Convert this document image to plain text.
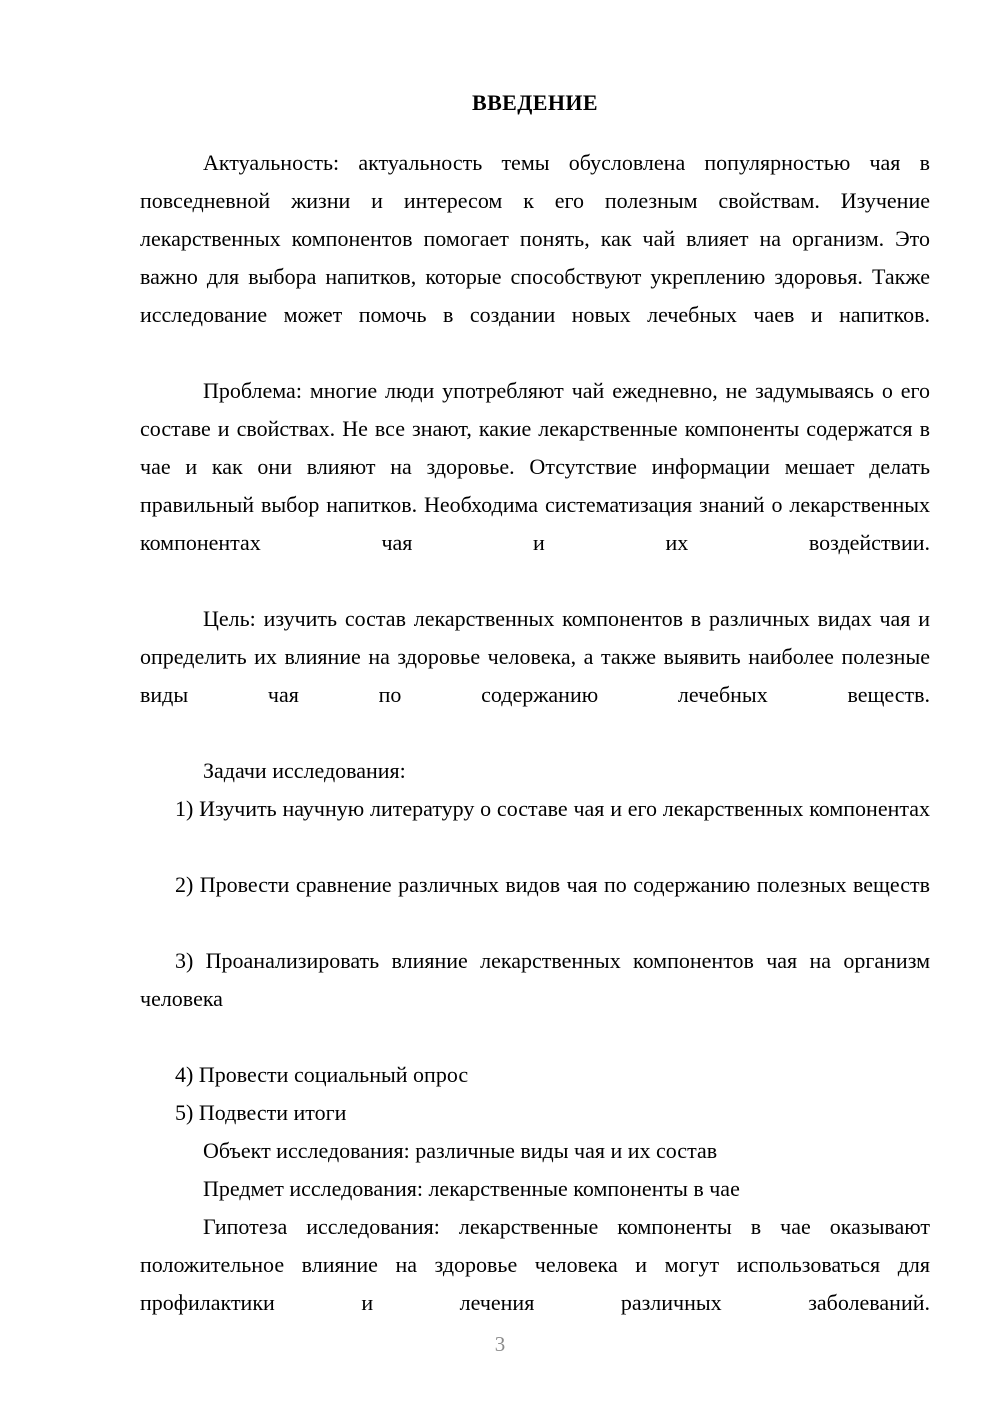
ВВЕДЕНИЕ

Актуальность: актуальность темы обусловлена популярностью чая в повседневной жизни и интересом к его полезным свойствам. Изучение лекарственных компонентов помогает понять, как чай влияет на организм. Это важно для выбора напитков, которые способствуют укреплению здоровья. Также исследование может помочь в создании новых лечебных чаев и напитков.

Проблема: многие люди употребляют чай ежедневно, не задумываясь о его составе и свойствах. Не все знают, какие лекарственные компоненты содержатся в чае и как они влияют на здоровье. Отсутствие информации мешает делать правильный выбор напитков. Необходима систематизация знаний о лекарственных компонентах чая и их воздействии.

Цель: изучить состав лекарственных компонентов в различных видах чая и определить их влияние на здоровье человека, а также выявить наиболее полезные виды чая по содержанию лечебных веществ.

Задачи исследования:

1) Изучить научную литературу о составе чая и его лекарственных компонентах

2) Провести сравнение различных видов чая по содержанию полезных веществ

3) Проанализировать влияние лекарственных компонентов чая на организм человека

4) Провести социальный опрос

5) Подвести итоги

Объект исследования: различные виды чая и их состав

Предмет исследования: лекарственные компоненты в чае

Гипотеза исследования: лекарственные компоненты в чае оказывают положительное влияние на здоровье человека и могут использоваться для профилактики и лечения различных заболеваний.

3
